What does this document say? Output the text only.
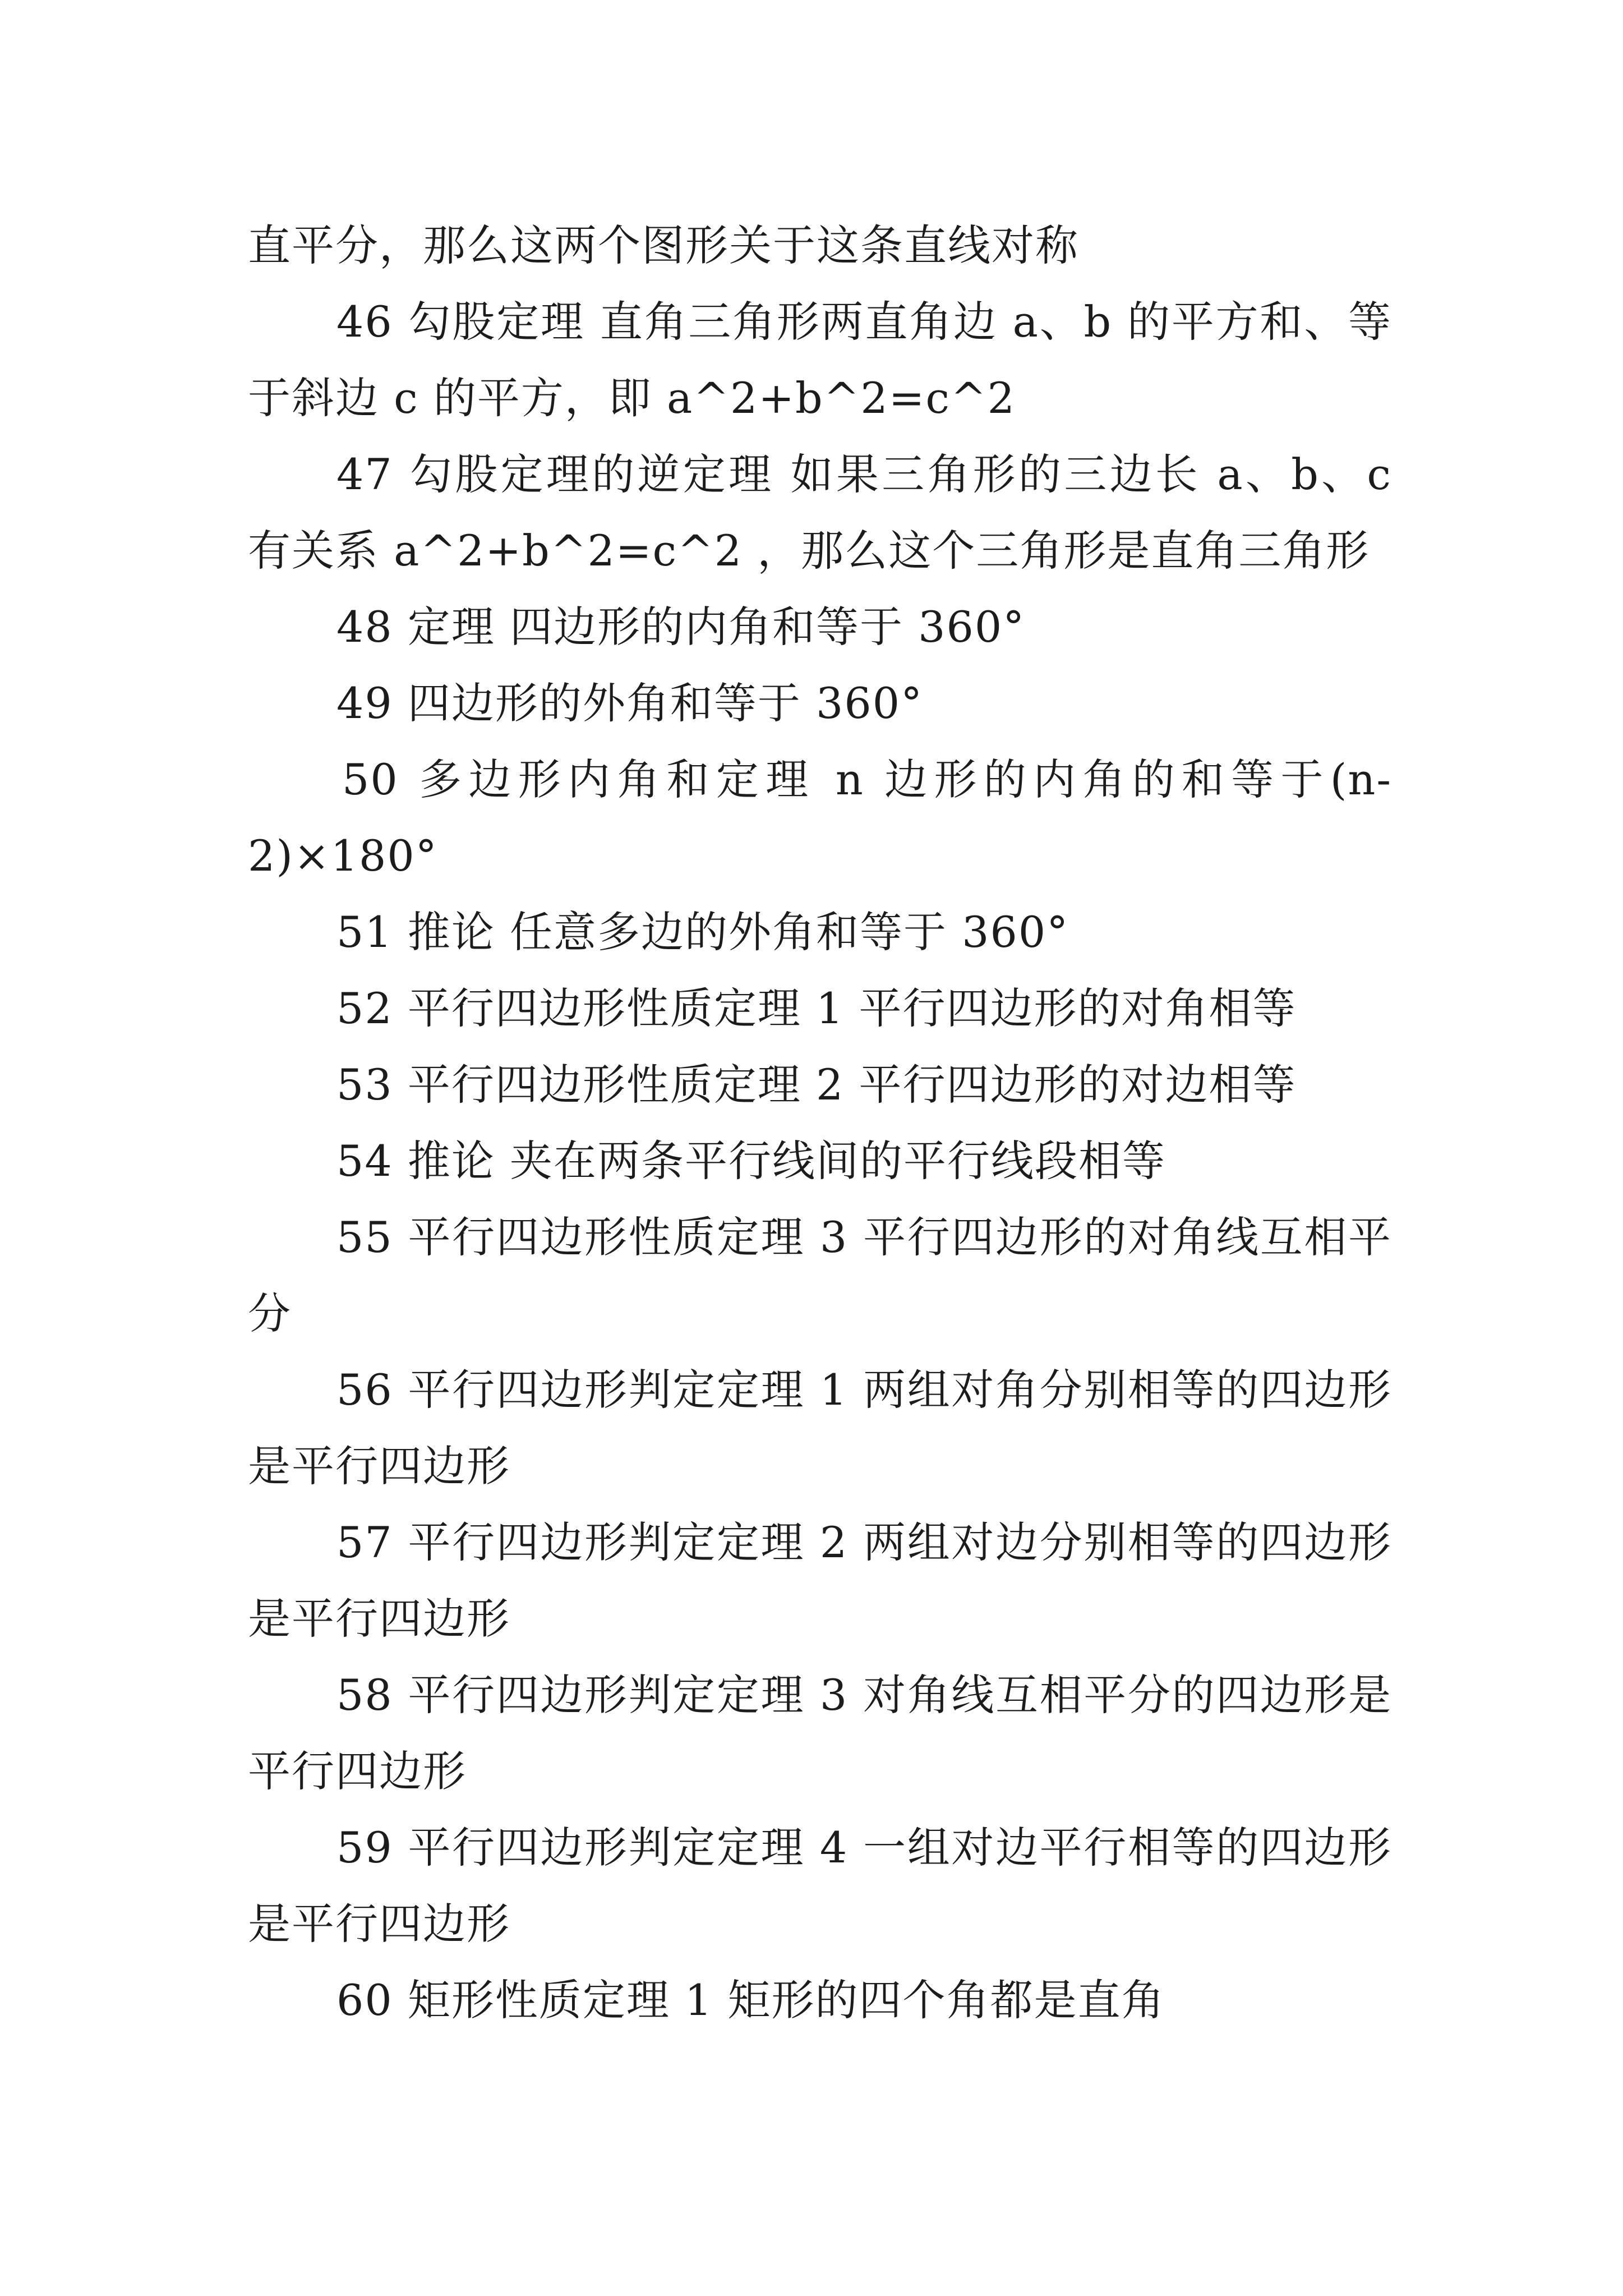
直平分，那么这两个图形关于这条直线对称

46 勾股定理 直角三角形两直角边 a、b 的平方和、等于斜边 c 的平方，即 a^2+b^2=c^2

47 勾股定理的逆定理 如果三角形的三边长 a、b、c 有关系 a^2+b^2=c^2 ，那么这个三角形是直角三角形

48 定理 四边形的内角和等于 360°

49 四边形的外角和等于 360°

50 多边形内角和定理 n 边形的内角的和等于(n-2)×180°

51 推论 任意多边的外角和等于 360°

52 平行四边形性质定理 1 平行四边形的对角相等

53 平行四边形性质定理 2 平行四边形的对边相等

54 推论 夹在两条平行线间的平行线段相等

55 平行四边形性质定理 3 平行四边形的对角线互相平分

56 平行四边形判定定理 1 两组对角分别相等的四边形是平行四边形

57 平行四边形判定定理 2 两组对边分别相等的四边形是平行四边形

58 平行四边形判定定理 3 对角线互相平分的四边形是平行四边形

59 平行四边形判定定理 4 一组对边平行相等的四边形是平行四边形

60 矩形性质定理 1 矩形的四个角都是直角
